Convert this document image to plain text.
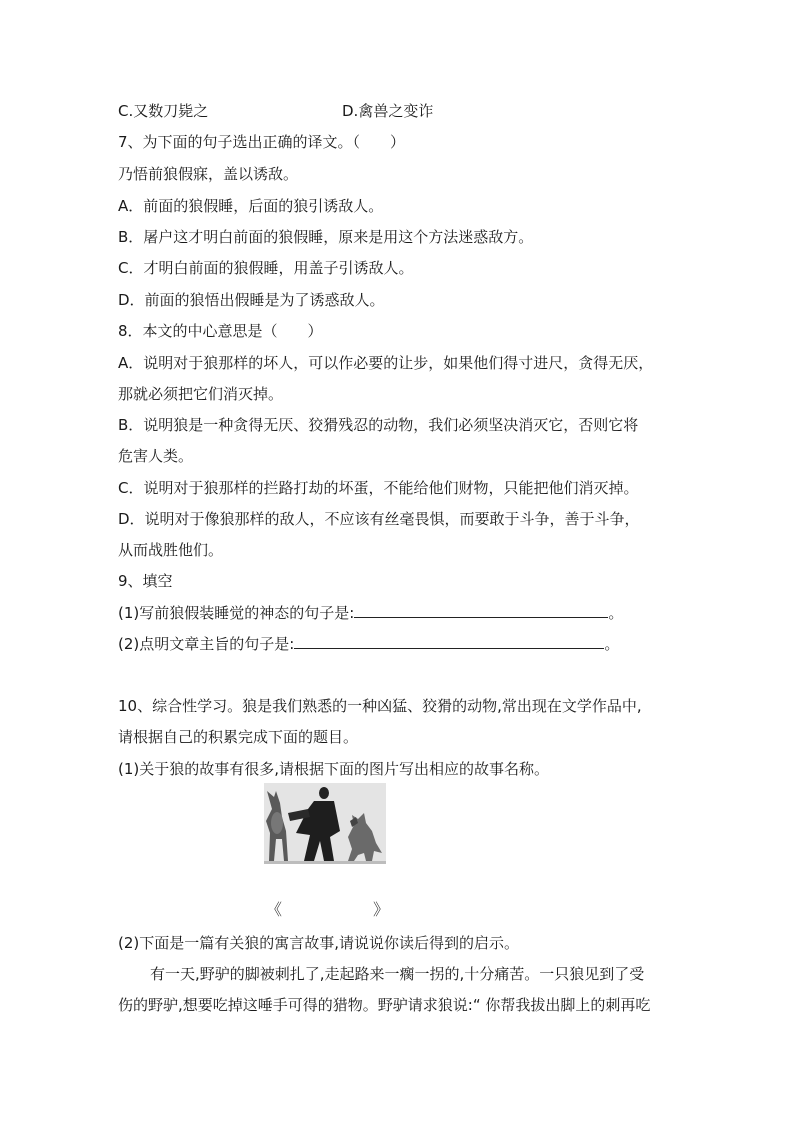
C.又数刀毙之	D.禽兽之变诈
7、为下面的句子选出正确的译文。（　　）
乃悟前狼假寐，盖以诱敌。
A．前面的狼假睡，后面的狼引诱敌人。
B．屠户这才明白前面的狼假睡，原来是用这个方法迷惑敌方。
C．才明白前面的狼假睡，用盖子引诱敌人。
D．前面的狼悟出假睡是为了诱惑敌人。
8．本文的中心意思是（　　）
A．说明对于狼那样的坏人，可以作必要的让步，如果他们得寸进尺，贪得无厌，
那就必须把它们消灭掉。
B．说明狼是一种贪得无厌、狡猾残忍的动物，我们必须坚决消灭它，否则它将
危害人类。
C．说明对于狼那样的拦路打劫的坏蛋，不能给他们财物，只能把他们消灭掉。
D．说明对于像狼那样的敌人，不应该有丝毫畏惧，而要敢于斗争，善于斗争，
从而战胜他们。
9、填空
(1)写前狼假装睡觉的神态的句子是:	。
(2)点明文章主旨的句子是:	。
10、综合性学习。狼是我们熟悉的一种凶猛、狡猾的动物,常出现在文学作品中,
请根据自己的积累完成下面的题目。
(1)关于狼的故事有很多,请根据下面的图片写出相应的故事名称。
《	》
(2)下面是一篇有关狼的寓言故事,请说说你读后得到的启示。
有一天,野驴的脚被刺扎了,走起路来一瘸一拐的,十分痛苦。一只狼见到了受
伤的野驴,想要吃掉这唾手可得的猎物。野驴请求狼说:“ 你帮我拔出脚上的刺再吃
